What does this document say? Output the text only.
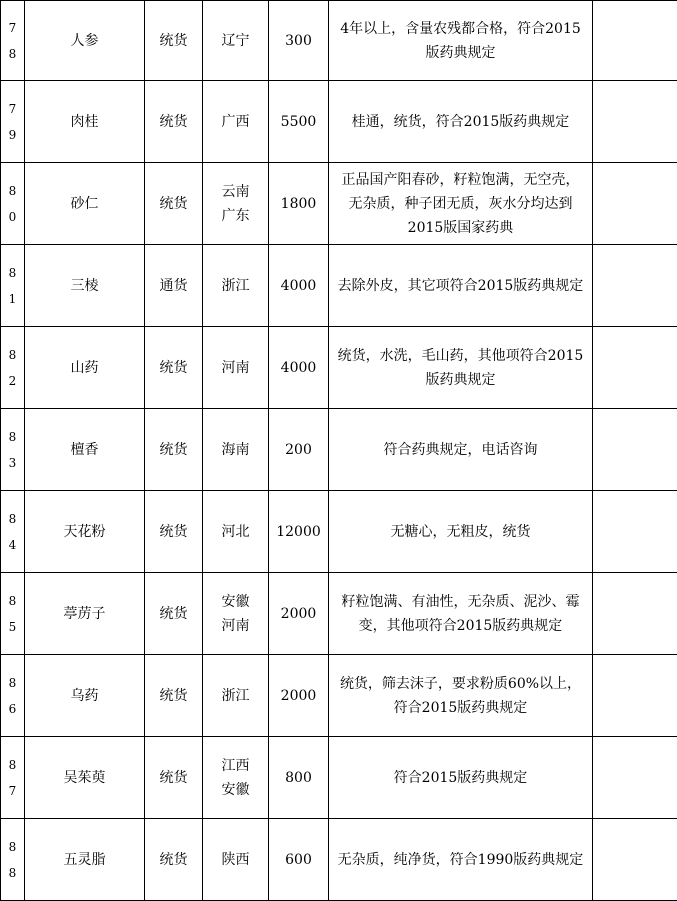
7
8	人参	统货	辽宁	300	4年以上，含量农残都合格，符合2015版药典规定	

7
9	肉桂	统货	广西	5500	桂通，统货，符合2015版药典规定	

8
0	砂仁	统货	云南广东	1800	正品国产阳春砂，籽粒饱满，无空壳，无杂质，种子团无质，灰水分均达到2015版国家药典	

8
1	三棱	通货	浙江	4000	去除外皮，其它项符合2015版药典规定	

8
2	山药	统货	河南	4000	统货，水洗，毛山药，其他项符合2015版药典规定	

8
3	檀香	统货	海南	200	符合药典规定，电话咨询	

8
4	天花粉	统货	河北	12000	无糖心，无粗皮，统货	

8
5	葶苈子	统货	安徽河南	2000	籽粒饱满、有油性，无杂质、泥沙、霉变，其他项符合2015版药典规定	

8
6	乌药	统货	浙江	2000	统货，筛去沫子，要求粉质60%以上，符合2015版药典规定	

8
7	吴茱萸	统货	江西安徽	800	符合2015版药典规定	

8
8	五灵脂	统货	陕西	600	无杂质，纯净货，符合1990版药典规定	
